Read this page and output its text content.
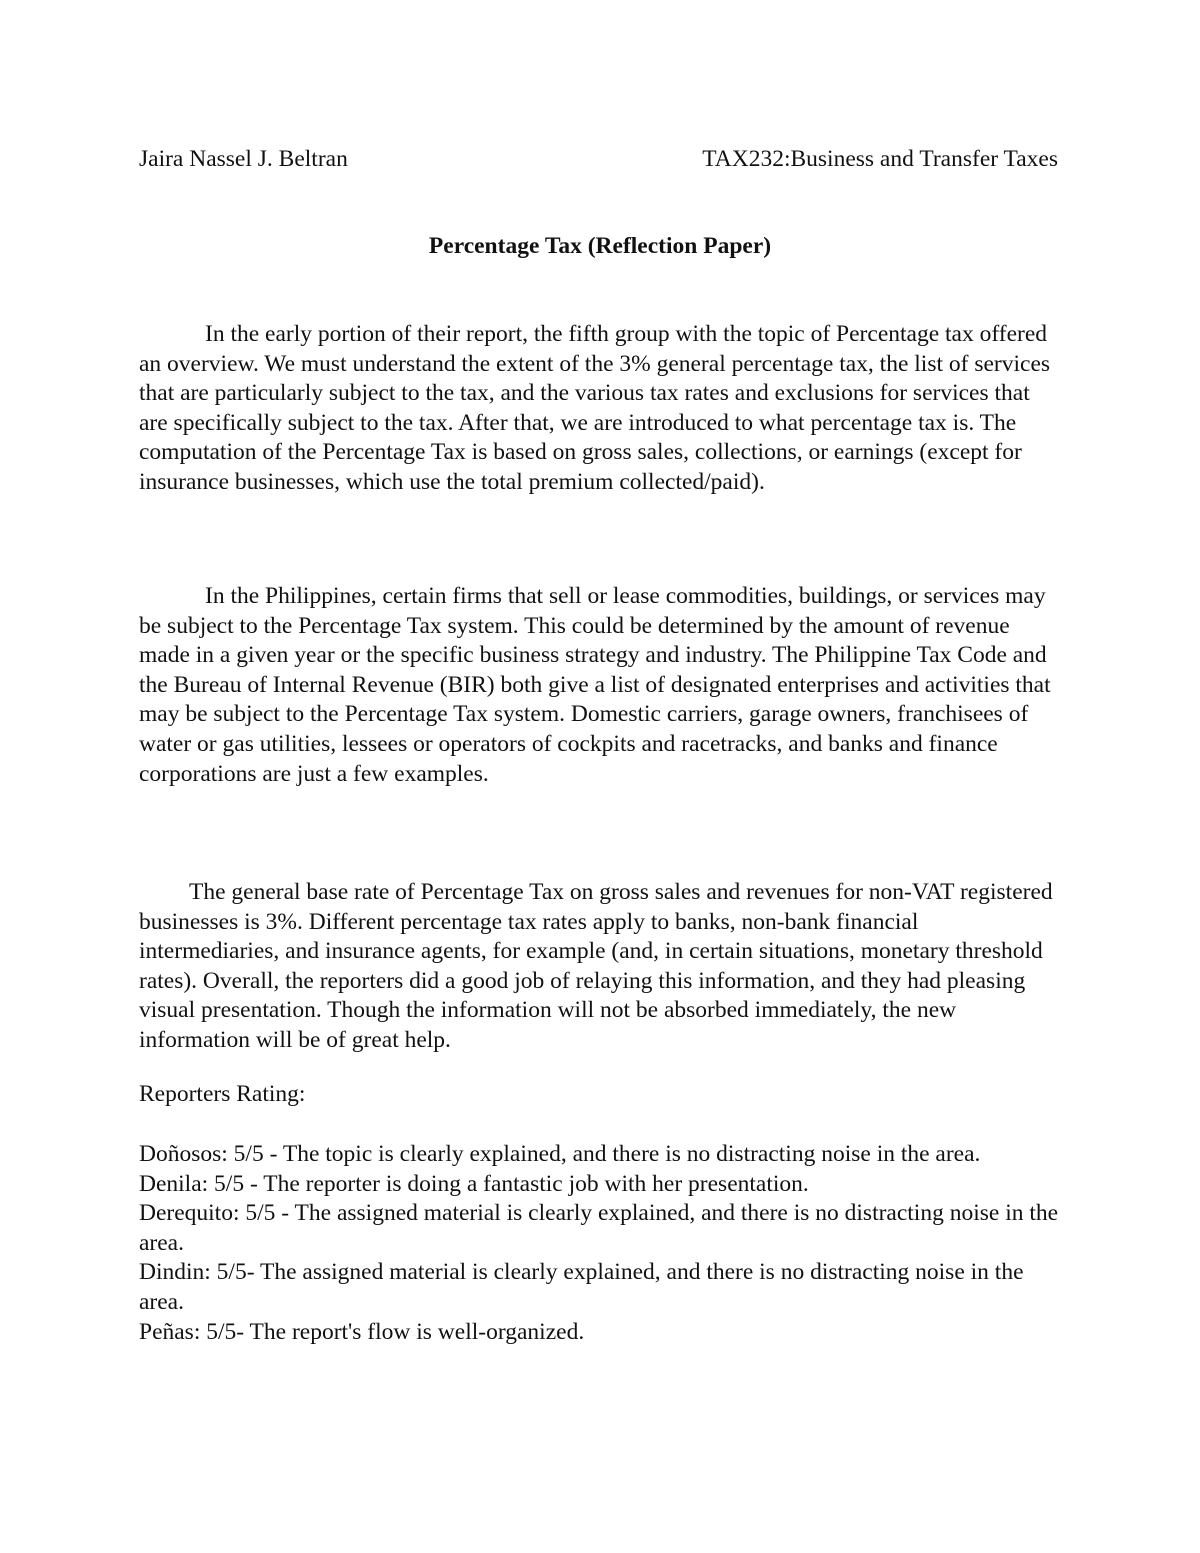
Jaira Nassel J. Beltran	TAX232:Business and Transfer Taxes

Percentage Tax (Reflection Paper)

In the early portion of their report, the fifth group with the topic of Percentage tax offered an overview. We must understand the extent of the 3% general percentage tax, the list of services that are particularly subject to the tax, and the various tax rates and exclusions for services that are specifically subject to the tax. After that, we are introduced to what percentage tax is. The computation of the Percentage Tax is based on gross sales, collections, or earnings (except for insurance businesses, which use the total premium collected/paid).

In the Philippines, certain firms that sell or lease commodities, buildings, or services may be subject to the Percentage Tax system. This could be determined by the amount of revenue made in a given year or the specific business strategy and industry. The Philippine Tax Code and the Bureau of Internal Revenue (BIR) both give a list of designated enterprises and activities that may be subject to the Percentage Tax system. Domestic carriers, garage owners, franchisees of water or gas utilities, lessees or operators of cockpits and racetracks, and banks and finance corporations are just a few examples.

The general base rate of Percentage Tax on gross sales and revenues for non-VAT registered businesses is 3%. Different percentage tax rates apply to banks, non-bank financial intermediaries, and insurance agents, for example (and, in certain situations, monetary threshold rates). Overall, the reporters did a good job of relaying this information, and they had pleasing visual presentation. Though the information will not be absorbed immediately, the new information will be of great help.

Reporters Rating:

Doñosos: 5/5 - The topic is clearly explained, and there is no distracting noise in the area.
Denila: 5/5 - The reporter is doing a fantastic job with her presentation.
Derequito: 5/5 - The assigned material is clearly explained, and there is no distracting noise in the area.
Dindin: 5/5- The assigned material is clearly explained, and there is no distracting noise in the area.
Peñas: 5/5- The report's flow is well-organized.
